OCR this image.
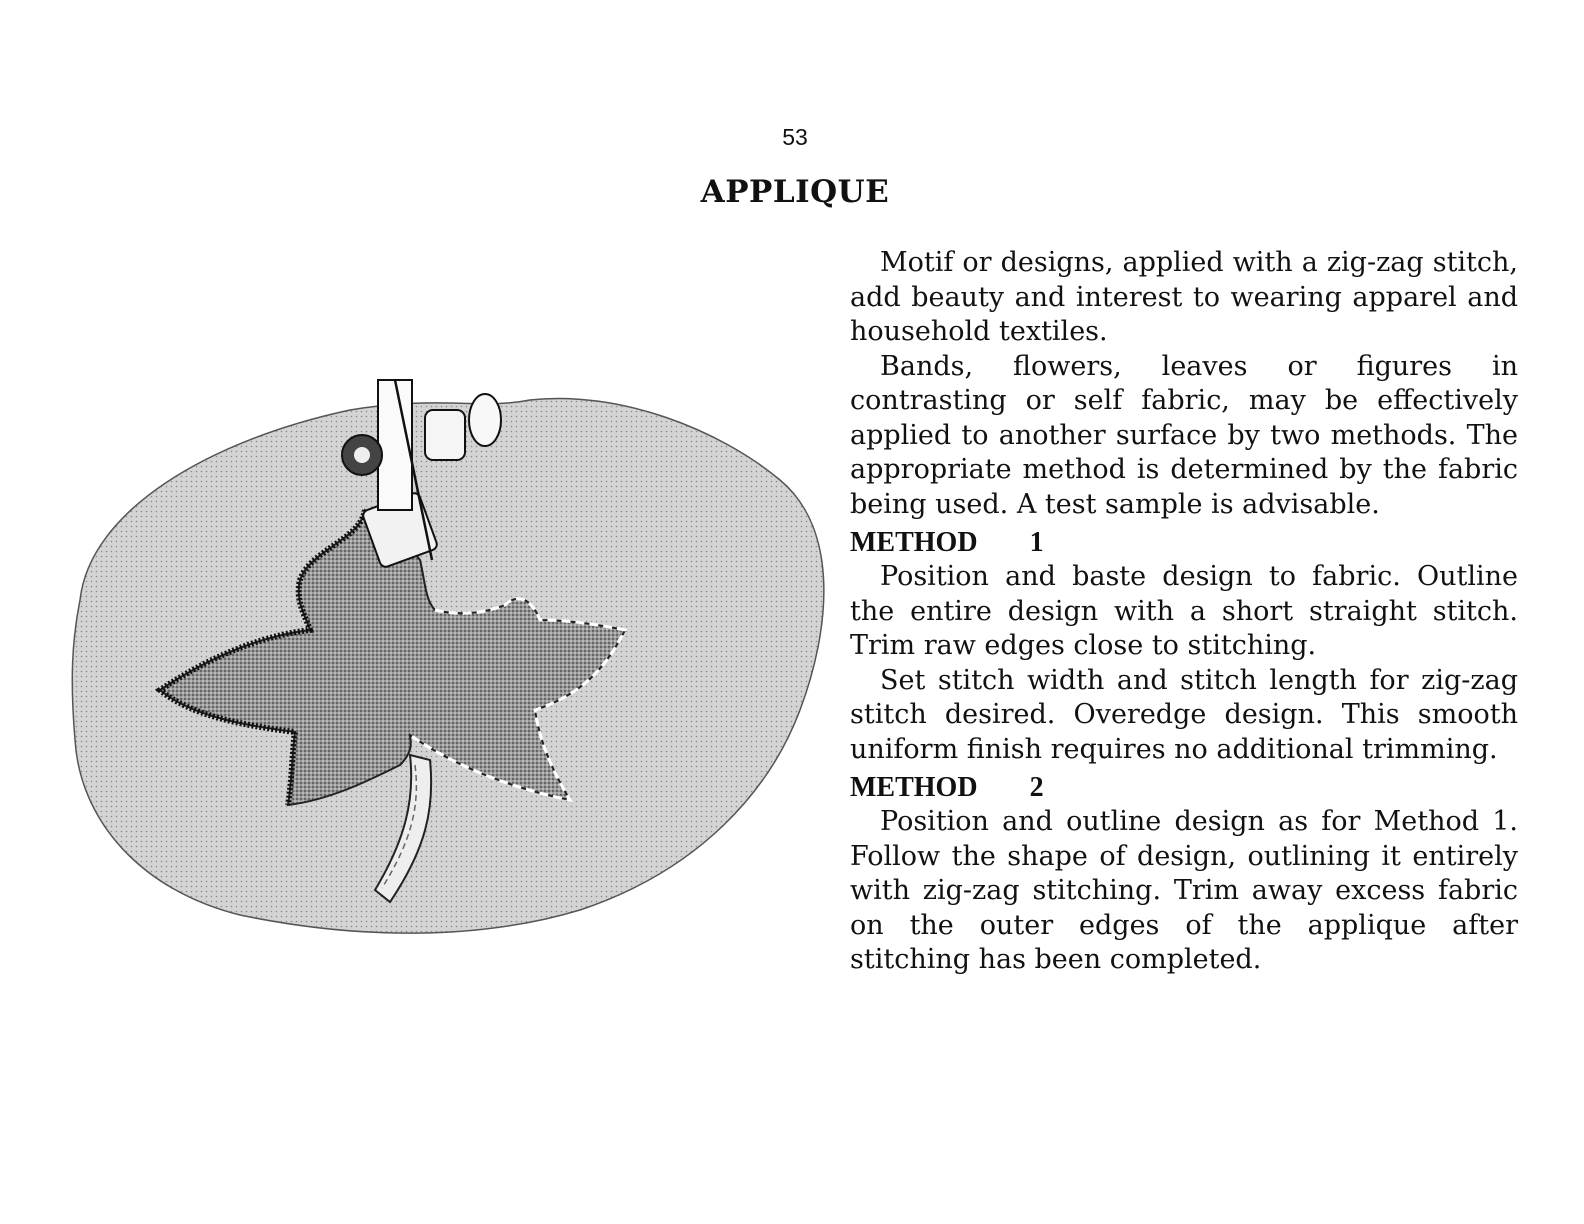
53
APPLIQUE

Motif or designs, applied with a zig-zag stitch, add beauty and interest to wearing apparel and household textiles.

Bands, flowers, leaves or figures in contrasting or self fabric, may be effectively applied to another surface by two methods. The appropriate method is determined by the fabric being used. A test sample is advisable.

METHOD 1

Position and baste design to fabric. Outline the entire design with a short straight stitch. Trim raw edges close to stitching.

Set stitch width and stitch length for zig-zag stitch desired. Overedge design. This smooth uniform finish requires no additional trimming.

METHOD 2

Position and outline design as for Method 1. Follow the shape of design, outlining it entirely with zig-zag stitching. Trim away excess fabric on the outer edges of the applique after stitching has been completed.
